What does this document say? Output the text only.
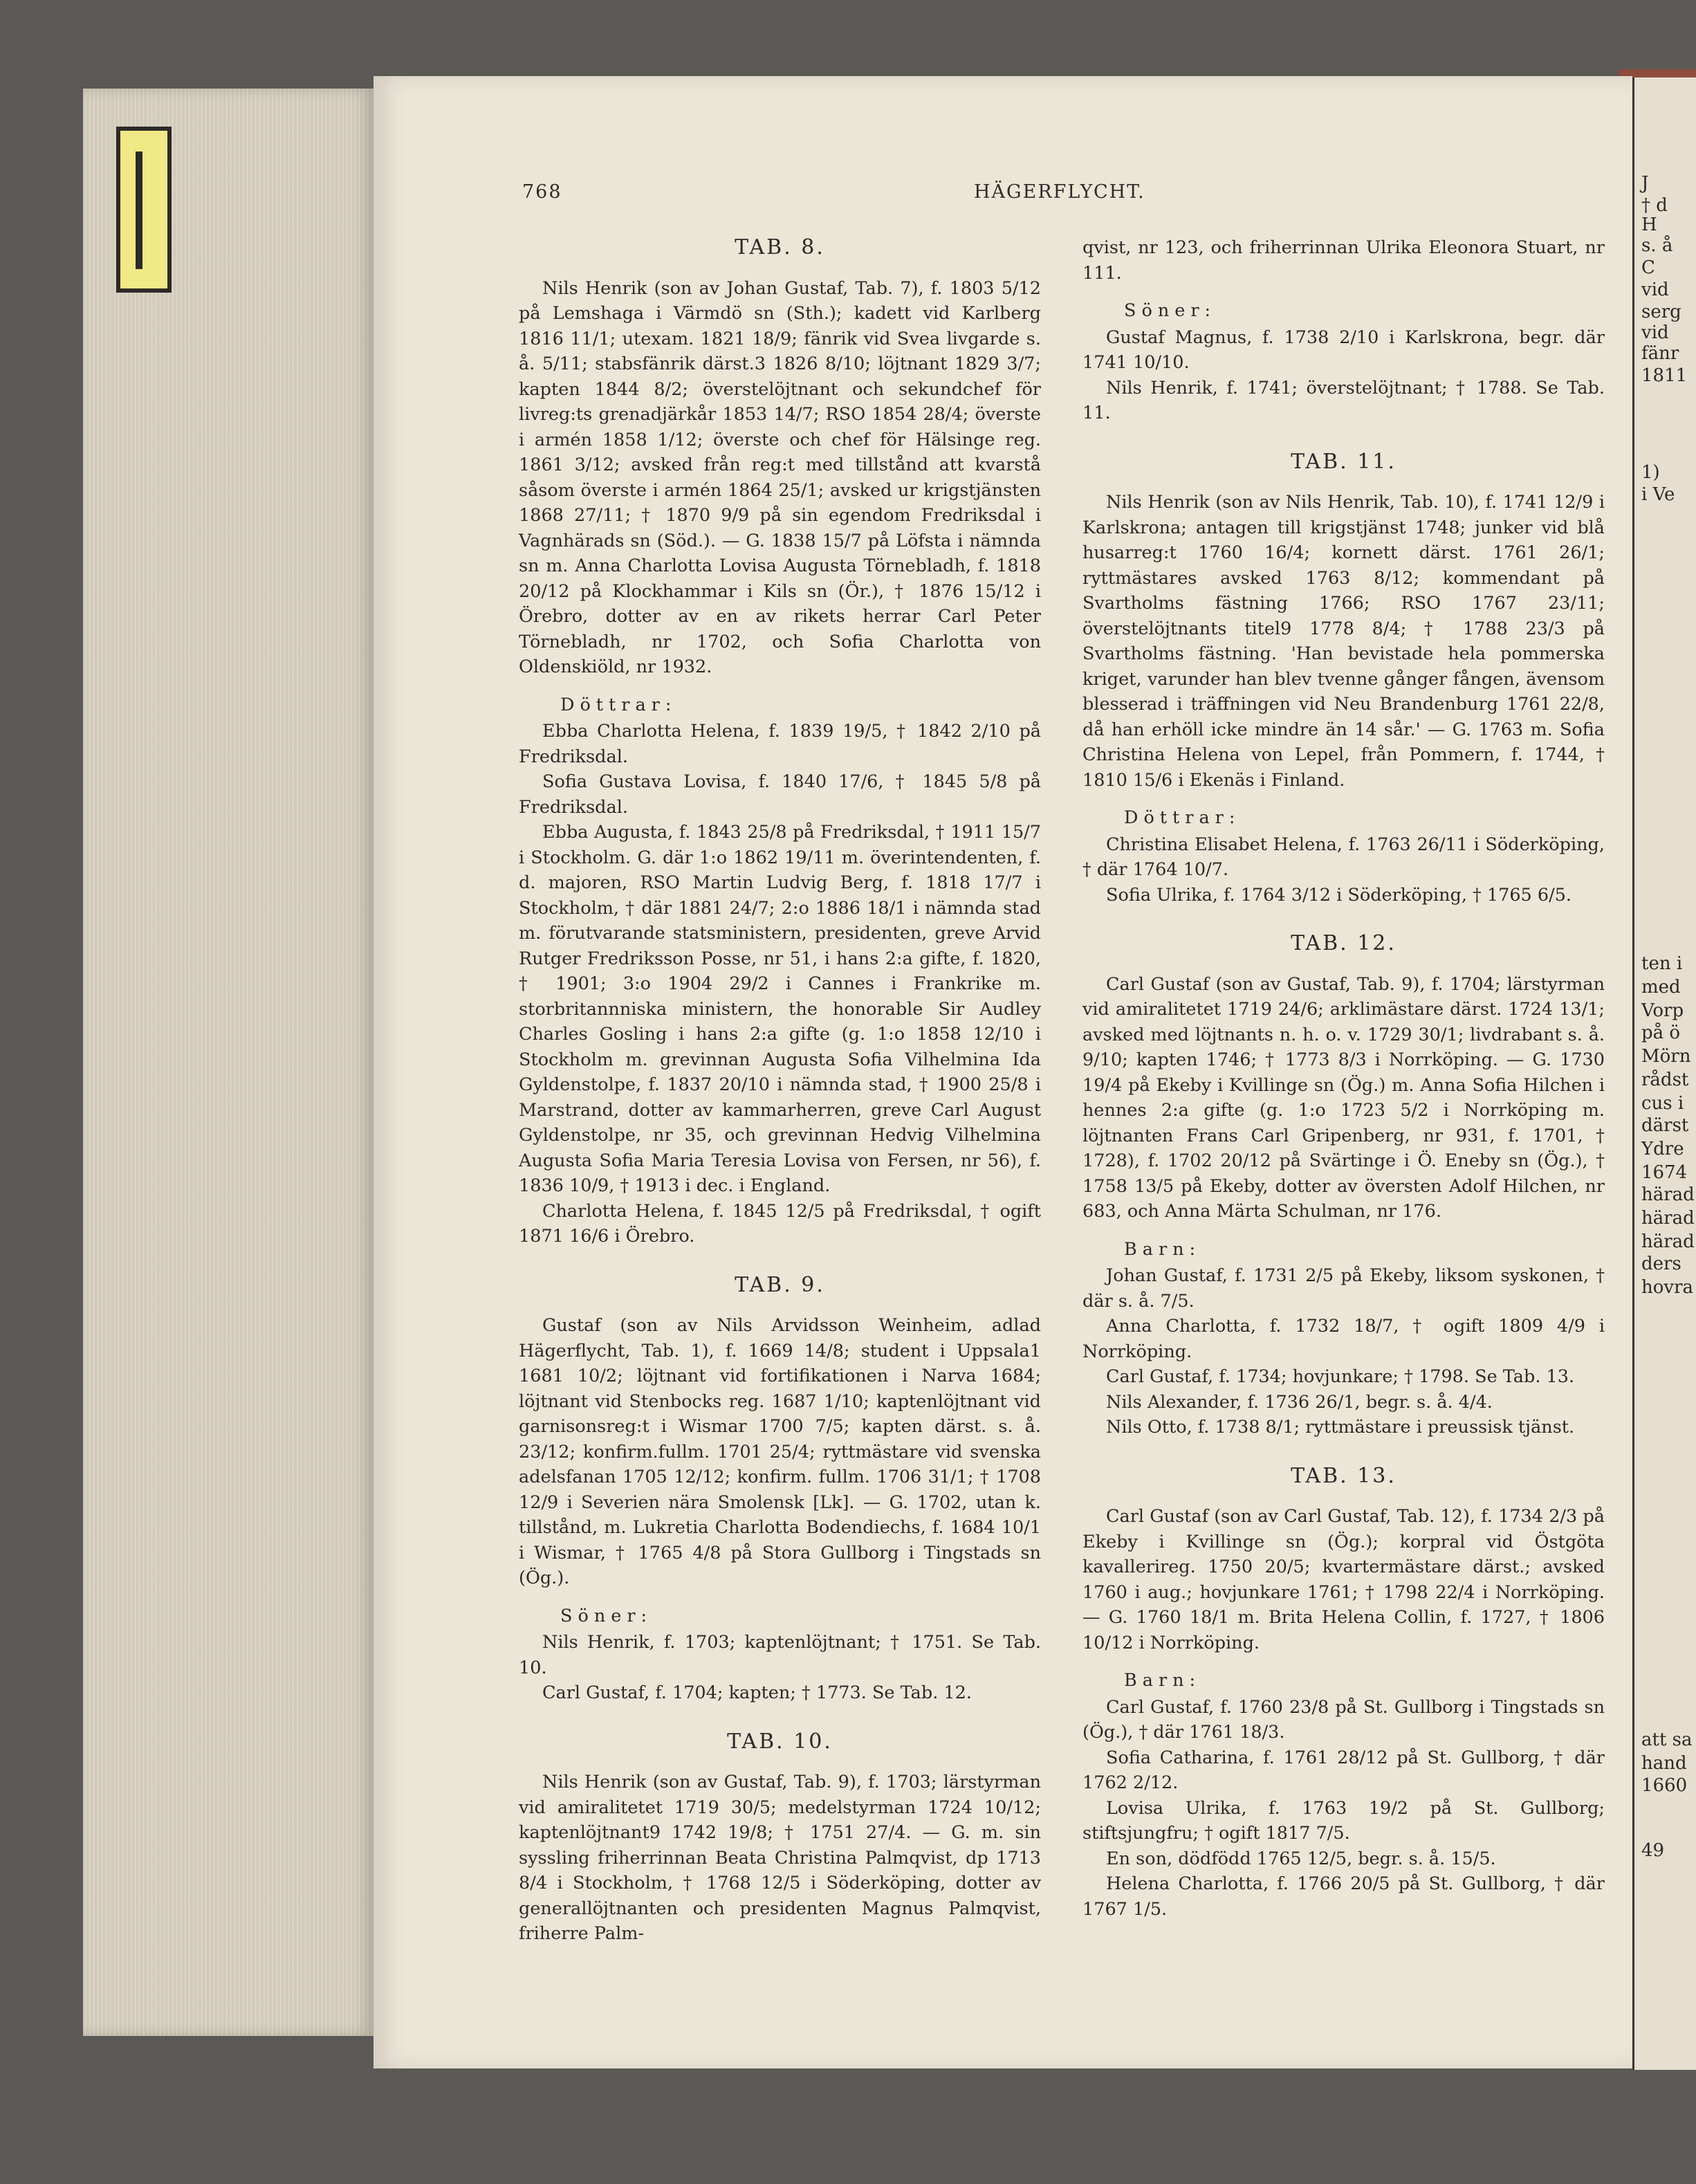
768	HÄGERFLYCHT.
TAB. 8.
Nils Henrik (son av Johan Gustaf, Tab. 7), f. 1803 5/12 på Lemshaga i Värmdö sn (Sth.); kadett vid Karlberg 1816 11/1; utexam. 1821 18/9; fänrik vid Svea livgarde s. å. 5/11; stabsfänrik därst.3 1826 8/10; löjtnant 1829 3/7; kapten 1844 8/2; överstelöjtnant och sekundchef för livreg:ts grenadjärkår 1853 14/7; RSO 1854 28/4; överste i armén 1858 1/12; överste och chef för Hälsinge reg. 1861 3/12; avsked från reg:t med tillstånd att kvarstå såsom överste i armén 1864 25/1; avsked ur krigstjänsten 1868 27/11; † 1870 9/9 på sin egendom Fredriksdal i Vagnhärads sn (Söd.). — G. 1838 15/7 på Löfsta i nämnda sn m. Anna Charlotta Lovisa Augusta Törnebladh, f. 1818 20/12 på Klockhammar i Kils sn (Ör.), † 1876 15/12 i Örebro, dotter av en av rikets herrar Carl Peter Törnebladh, nr 1702, och Sofia Charlotta von Oldenskiöld, nr 1932.
Döttrar:
Ebba Charlotta Helena, f. 1839 19/5, † 1842 2/10 på Fredriksdal.
Sofia Gustava Lovisa, f. 1840 17/6, † 1845 5/8 på Fredriksdal.
Ebba Augusta, f. 1843 25/8 på Fredriksdal, † 1911 15/7 i Stockholm. G. där 1:o 1862 19/11 m. överintendenten, f. d. majoren, RSO Martin Ludvig Berg, f. 1818 17/7 i Stockholm, † där 1881 24/7; 2:o 1886 18/1 i nämnda stad m. förutvarande statsministern, presidenten, greve Arvid Rutger Fredriksson Posse, nr 51, i hans 2:a gifte, f. 1820, † 1901; 3:o 1904 29/2 i Cannes i Frankrike m. storbritannniska ministern, the honorable Sir Audley Charles Gosling i hans 2:a gifte (g. 1:o 1858 12/10 i Stockholm m. grevinnan Augusta Sofia Vilhelmina Ida Gyldenstolpe, f. 1837 20/10 i nämnda stad, † 1900 25/8 i Marstrand, dotter av kammarherren, greve Carl August Gyldenstolpe, nr 35, och grevinnan Hedvig Vilhelmina Augusta Sofia Maria Teresia Lovisa von Fersen, nr 56), f. 1836 10/9, † 1913 i dec. i England.
Charlotta Helena, f. 1845 12/5 på Fredriksdal, † ogift 1871 16/6 i Örebro.
TAB. 9.
Gustaf (son av Nils Arvidsson Weinheim, adlad Hägerflycht, Tab. 1), f. 1669 14/8; student i Uppsala1 1681 10/2; löjtnant vid fortifikationen i Narva 1684; löjtnant vid Stenbocks reg. 1687 1/10; kaptenlöjtnant vid garnisonsreg:t i Wismar 1700 7/5; kapten därst. s. å. 23/12; konfirm.fullm. 1701 25/4; ryttmästare vid svenska adelsfanan 1705 12/12; konfirm. fullm. 1706 31/1; † 1708 12/9 i Severien nära Smolensk [Lk]. — G. 1702, utan k. tillstånd, m. Lukretia Charlotta Bodendiechs, f. 1684 10/1 i Wismar, † 1765 4/8 på Stora Gullborg i Tingstads sn (Ög.).
Söner:
Nils Henrik, f. 1703; kaptenlöjtnant; † 1751. Se Tab. 10.
Carl Gustaf, f. 1704; kapten; † 1773. Se Tab. 12.
TAB. 10.
Nils Henrik (son av Gustaf, Tab. 9), f. 1703; lärstyrman vid amiralitetet 1719 30/5; medelstyrman 1724 10/12; kaptenlöjtnant9 1742 19/8; † 1751 27/4. — G. m. sin syssling friherrinnan Beata Christina Palmqvist, dp 1713 8/4 i Stockholm, † 1768 12/5 i Söderköping, dotter av generallöjtnanten och presidenten Magnus Palmqvist, friherre Palm-
qvist, nr 123, och friherrinnan Ulrika Eleonora Stuart, nr 111.
Söner:
Gustaf Magnus, f. 1738 2/10 i Karlskrona, begr. där 1741 10/10.
Nils Henrik, f. 1741; överstelöjtnant; † 1788. Se Tab. 11.
TAB. 11.
Nils Henrik (son av Nils Henrik, Tab. 10), f. 1741 12/9 i Karlskrona; antagen till krigstjänst 1748; junker vid blå husarreg:t 1760 16/4; kornett därst. 1761 26/1; ryttmästares avsked 1763 8/12; kommendant på Svartholms fästning 1766; RSO 1767 23/11; överstelöjtnants titel9 1778 8/4; † 1788 23/3 på Svartholms fästning. 'Han bevistade hela pommerska kriget, varunder han blev tvenne gånger fången, ävensom blesserad i träffningen vid Neu Brandenburg 1761 22/8, då han erhöll icke mindre än 14 sår.' — G. 1763 m. Sofia Christina Helena von Lepel, från Pommern, f. 1744, † 1810 15/6 i Ekenäs i Finland.
Döttrar:
Christina Elisabet Helena, f. 1763 26/11 i Söderköping, † där 1764 10/7.
Sofia Ulrika, f. 1764 3/12 i Söderköping, † 1765 6/5.
TAB. 12.
Carl Gustaf (son av Gustaf, Tab. 9), f. 1704; lärstyrman vid amiralitetet 1719 24/6; arklimästare därst. 1724 13/1; avsked med löjtnants n. h. o. v. 1729 30/1; livdrabant s. å. 9/10; kapten 1746; † 1773 8/3 i Norrköping. — G. 1730 19/4 på Ekeby i Kvillinge sn (Ög.) m. Anna Sofia Hilchen i hennes 2:a gifte (g. 1:o 1723 5/2 i Norrköping m. löjtnanten Frans Carl Gripenberg, nr 931, f. 1701, † 1728), f. 1702 20/12 på Svärtinge i Ö. Eneby sn (Ög.), † 1758 13/5 på Ekeby, dotter av översten Adolf Hilchen, nr 683, och Anna Märta Schulman, nr 176.
Barn:
Johan Gustaf, f. 1731 2/5 på Ekeby, liksom syskonen, † där s. å. 7/5.
Anna Charlotta, f. 1732 18/7, † ogift 1809 4/9 i Norrköping.
Carl Gustaf, f. 1734; hovjunkare; † 1798. Se Tab. 13.
Nils Alexander, f. 1736 26/1, begr. s. å. 4/4.
Nils Otto, f. 1738 8/1; ryttmästare i preussisk tjänst.
TAB. 13.
Carl Gustaf (son av Carl Gustaf, Tab. 12), f. 1734 2/3 på Ekeby i Kvillinge sn (Ög.); korpral vid Östgöta kavallerireg. 1750 20/5; kvartermästare därst.; avsked 1760 i aug.; hovjunkare 1761; † 1798 22/4 i Norrköping. — G. 1760 18/1 m. Brita Helena Collin, f. 1727, † 1806 10/12 i Norrköping.
Barn:
Carl Gustaf, f. 1760 23/8 på St. Gullborg i Tingstads sn (Ög.), † där 1761 18/3.
Sofia Catharina, f. 1761 28/12 på St. Gullborg, † där 1762 2/12.
Lovisa Ulrika, f. 1763 19/2 på St. Gullborg; stiftsjungfru; † ogift 1817 7/5.
En son, dödfödd 1765 12/5, begr. s. å. 15/5.
Helena Charlotta, f. 1766 20/5 på St. Gullborg, † där 1767 1/5.
J
† d
H
s. å
C
vid
serg
vid
fänr
1811
1)
i Ve
ten i
med
Vorp
på ö
Mörn
rådst
cus i
därst
Ydre
1674
härad
härad
härad
ders
hovra
att sa
hand
1660
49
